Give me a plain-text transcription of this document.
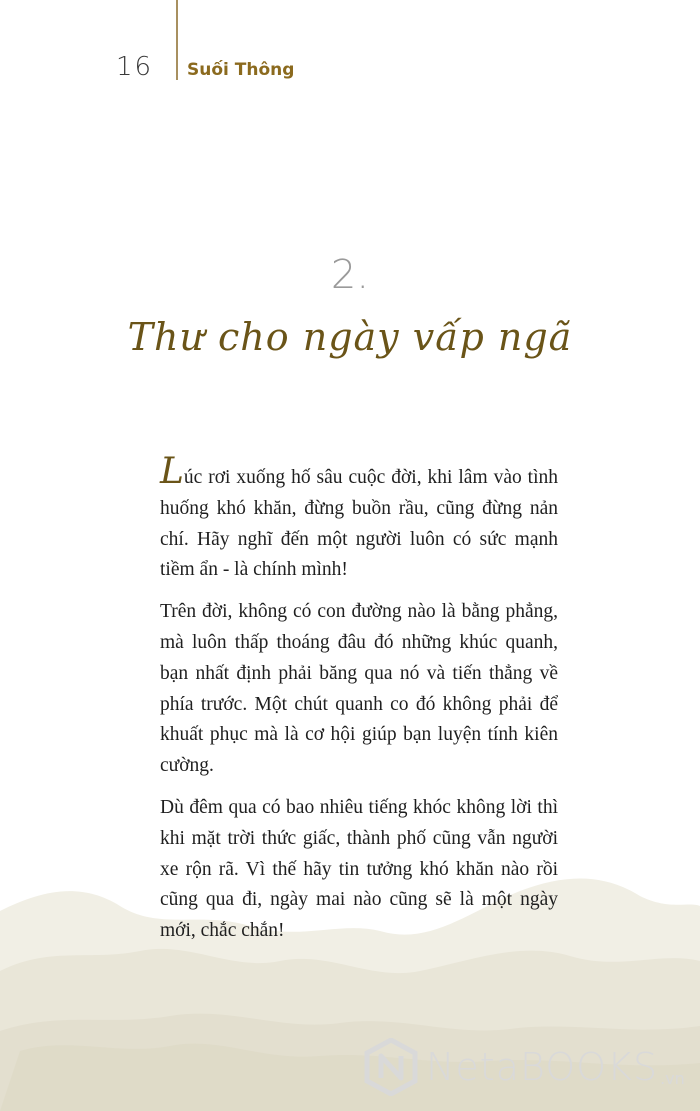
16 Suối Thông
2.
Thư cho ngày vấp ngã

Lúc rơi xuống hố sâu cuộc đời, khi lâm vào tình huống khó khăn, đừng buồn rầu, cũng đừng nản chí. Hãy nghĩ đến một người luôn có sức mạnh tiềm ẩn - là chính mình!

Trên đời, không có con đường nào là bằng phẳng, mà luôn thấp thoáng đâu đó những khúc quanh, bạn nhất định phải băng qua nó và tiến thẳng về phía trước. Một chút quanh co đó không phải để khuất phục mà là cơ hội giúp bạn luyện tính kiên cường.

Dù đêm qua có bao nhiêu tiếng khóc không lời thì khi mặt trời thức giấc, thành phố cũng vẫn người xe rộn rã. Vì thế hãy tin tưởng khó khăn nào rồi cũng qua đi, ngày mai nào cũng sẽ là một ngày mới, chắc chắn!

NetaBOOKS .vn
